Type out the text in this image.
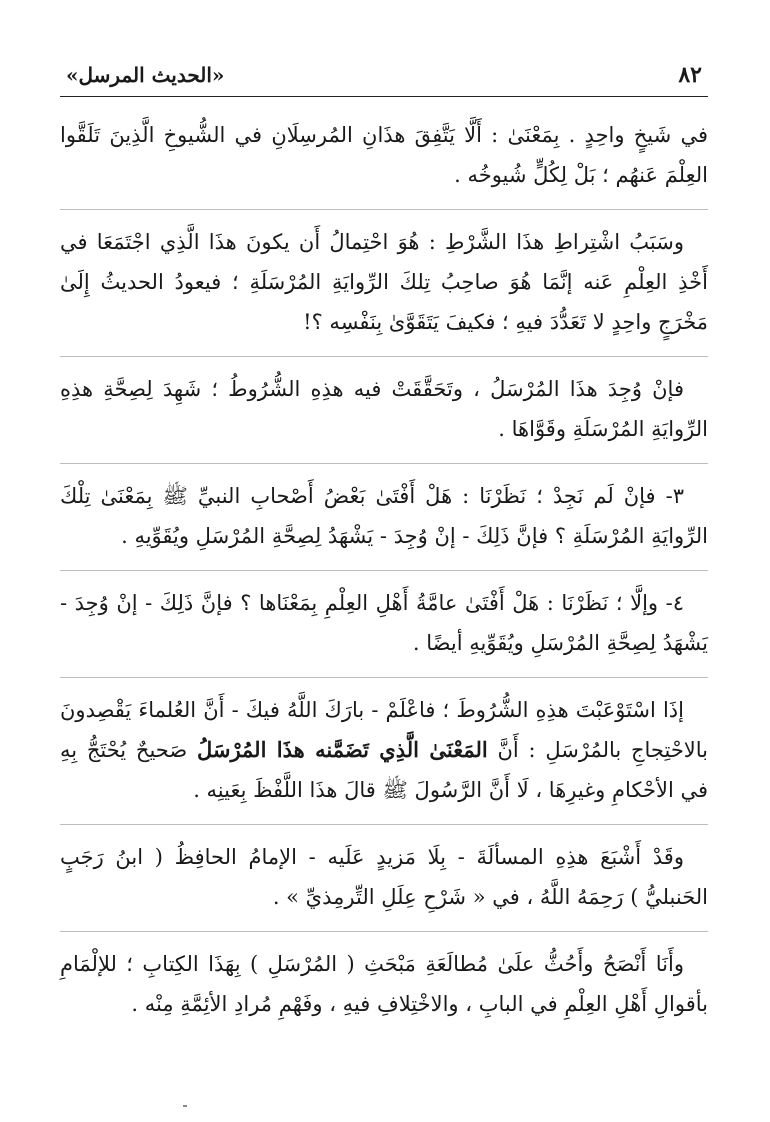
٨٢
«الحديث المرسل»

في شَيخٍ واحِدٍ . بِمَعْنَىٰ : أَلَّا يَتَّفِقَ هذَانِ المُرسِلَانِ في الشُّيوخِ الَّذِينَ تَلَقَّوا العِلْمَ عَنهُم ؛ بَلْ لِكُلٍّ شُيوخُه .

وسَبَبُ اشْتِراطِ هذَا الشَّرْطِ : هُوَ احْتِمالُ أَن يكونَ هذَا الَّذِي اجْتَمَعَا في أَخْذِ العِلْمِ عَنه إنَّمَا هُوَ صاحِبُ تِلكَ الرِّوايَةِ المُرْسَلَةِ ؛ فيعودُ الحديثُ إِلَىٰ مَخْرَجٍ واحِدٍ لا تَعَدُّدَ فيهِ ؛ فكيفَ يَتَقَوَّىٰ بِنَفْسِه ؟!

فإنْ وُجِدَ هذَا المُرْسَلُ ، وتَحَقَّقَتْ فيه هذِهِ الشُّرُوطُ ؛ شَهِدَ لِصِحَّةِ هذِهِ الرِّوايَةِ المُرْسَلَةِ وقَوَّاهَا .

٣- فإنْ لَم نَجِدْ ؛ نَظَرْنَا : هَلْ أَفْتَىٰ بَعْضُ أَصْحابِ النبيِّ ﷺ بِمَعْنَىٰ تِلْكَ الرِّوايَةِ المُرْسَلَةِ ؟ فإنَّ ذَلِكَ - إنْ وُجِدَ - يَشْهَدُ لِصِحَّةِ المُرْسَلِ ويُقَوِّيهِ .

٤- وإلَّا ؛ نَظَرْنَا : هَلْ أَفْتَىٰ عامَّةُ أَهْلِ العِلْمِ بِمَعْنَاها ؟ فإنَّ ذَلِكَ - إنْ وُجِدَ - يَشْهَدُ لِصِحَّةِ المُرْسَلِ ويُقَوِّيهِ أيضًا .

إذَا اسْتَوْعَبْتَ هذِهِ الشُّرُوطَ ؛ فاعْلَمْ - بارَكَ اللَّهُ فيكَ - أَنَّ العُلماءَ يَقْصِدونَ بالاحْتِجاجِ بالمُرْسَلِ : أَنَّ المَعْنَىٰ الَّذِي تَضَمَّنه هذَا المُرْسَلُ صَحيحٌ يُحْتَجُّ بِهِ في الأحْكامِ وغيرِهَا ، لَا أَنَّ الرَّسُولَ ﷺ قالَ هذَا اللَّفْظَ بِعَينِه .

وقَدْ أَشْبَعَ هذِهِ المسألَةَ - بِلَا مَزيدٍ عَلَيه - الإمامُ الحافِظُ ( ابنُ رَجَبٍ الحَنبليُّ ) رَحِمَهُ اللَّهُ ، في « شَرْحِ عِلَلِ التِّرمِذيِّ » .

وأَنَا أَنْصَحُ وأَحُثُّ علَىٰ مُطالَعَةِ مَبْحَثِ ( المُرْسَلِ ) بِهَذَا الكِتابِ ؛ للإلْمَامِ بأقوالِ أَهْلِ العِلْمِ في البابِ ، والاخْتِلافِ فيهِ ، وفَهْمِ مُرادِ الأئِمَّةِ مِنْه .
